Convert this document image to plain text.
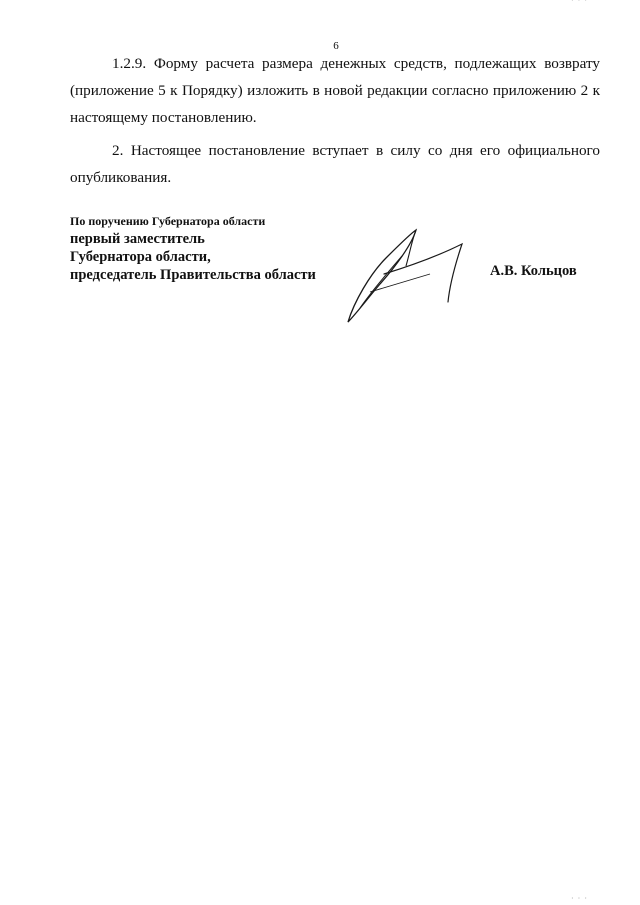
· · ·
6

1.2.9. Форму расчета размера денежных средств, подлежащих возврату (приложение 5 к Порядку) изложить в новой редакции согласно приложению 2 к настоящему постановлению.

2. Настоящее постановление вступает в силу со дня его официального опубликования.

По поручению Губернатора области
первый заместитель
Губернатора области,
председатель Правительства области	А.В. Кольцов
· · ·
